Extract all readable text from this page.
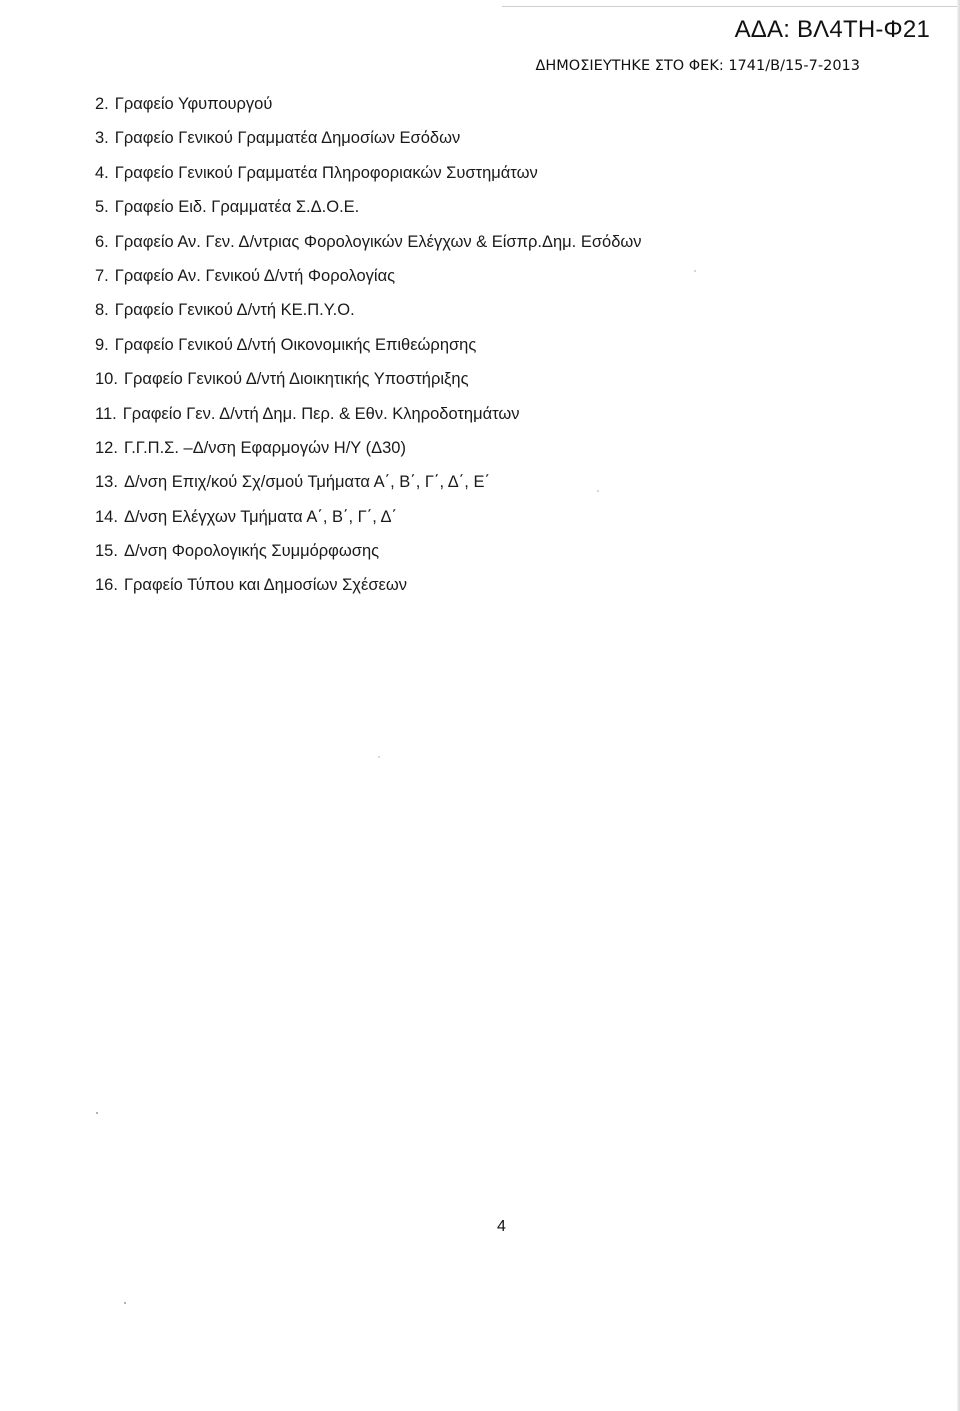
ΑΔΑ: ΒΛ4ΤΗ-Φ21
ΔΗΜΟΣΙΕΥΤΗΚΕ ΣΤΟ ΦΕΚ: 1741/Β/15-7-2013
2. Γραφείο Υφυπουργού
3. Γραφείο Γενικού Γραμματέα Δημοσίων Εσόδων
4. Γραφείο Γενικού Γραμματέα Πληροφοριακών Συστημάτων
5. Γραφείο Ειδ. Γραμματέα Σ.Δ.Ο.Ε.
6. Γραφείο Αν. Γεν. Δ/ντριας Φορολογικών Ελέγχων & Είσπρ.Δημ. Εσόδων
7. Γραφείο Αν. Γενικού Δ/ντή Φορολογίας
8. Γραφείο Γενικού Δ/ντή ΚΕ.Π.Υ.Ο.
9. Γραφείο Γενικού Δ/ντή Οικονομικής Επιθεώρησης
10. Γραφείο Γενικού Δ/ντή Διοικητικής Υποστήριξης
11. Γραφείο Γεν. Δ/ντή Δημ. Περ. & Εθν. Κληροδοτημάτων
12. Γ.Γ.Π.Σ. –Δ/νση Εφαρμογών Η/Υ (Δ30)
13. Δ/νση Επιχ/κού Σχ/σμού Τμήματα Α΄, Β΄, Γ΄, Δ΄, Ε΄
14. Δ/νση Ελέγχων Τμήματα Α΄, Β΄, Γ΄, Δ΄
15. Δ/νση Φορολογικής Συμμόρφωσης
16. Γραφείο Τύπου και Δημοσίων Σχέσεων
4
